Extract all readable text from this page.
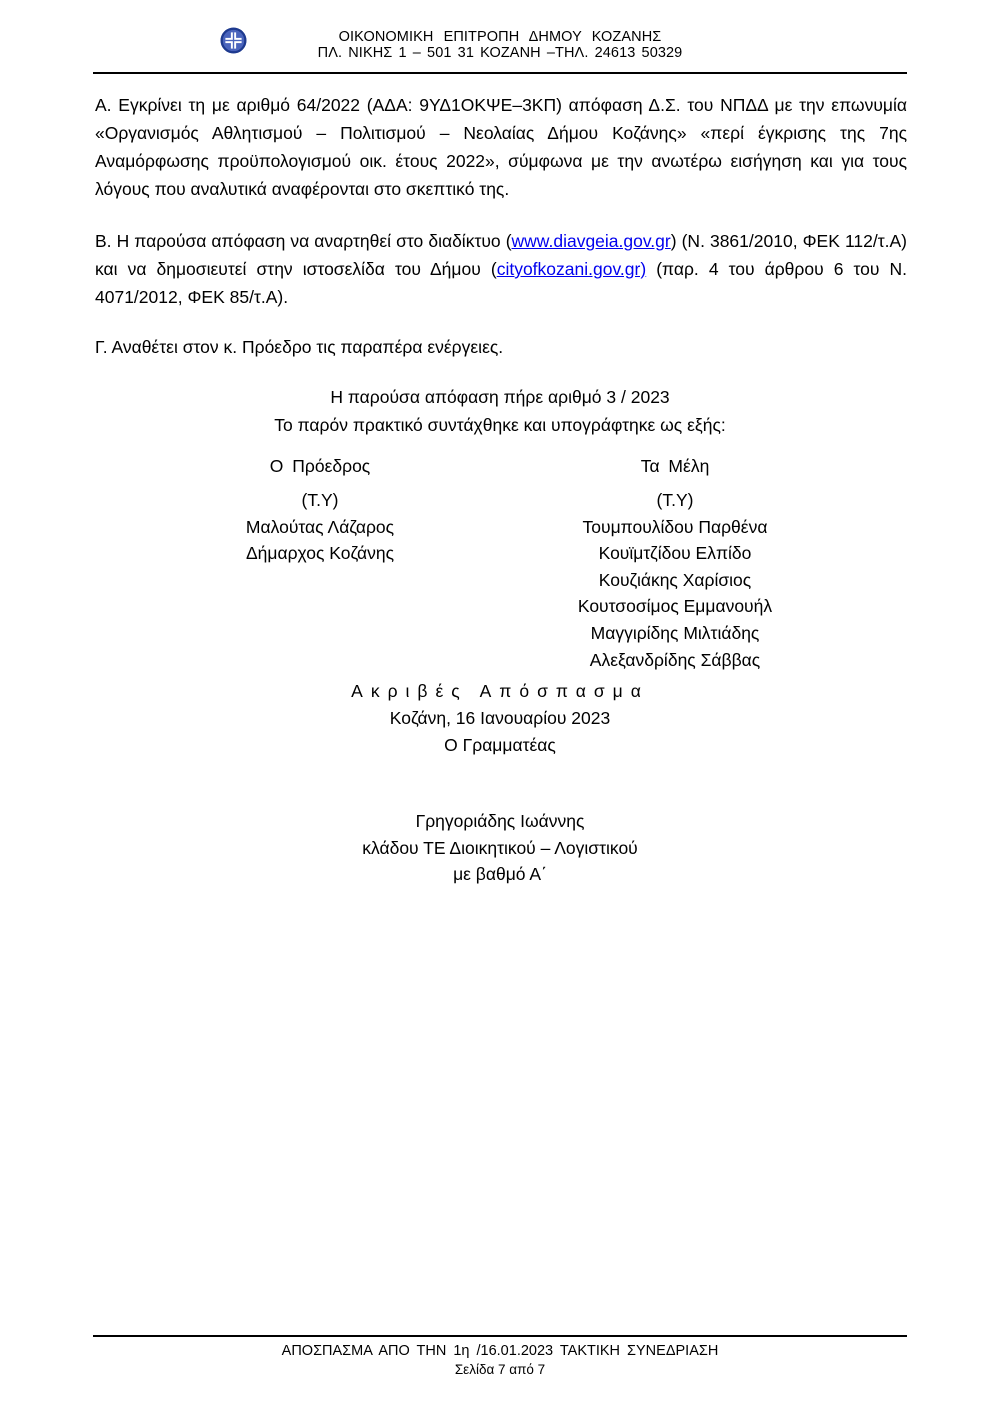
ΟΙΚΟΝΟΜΙΚΗ ΕΠΙΤΡΟΠΗ ΔΗΜΟΥ ΚΟΖΑΝΗΣ
ΠΛ. ΝΙΚΗΣ 1 – 501 31 ΚΟΖΑΝΗ –ΤΗΛ. 24613 50329

Α. Εγκρίνει τη με αριθμό 64/2022 (ΑΔΑ: 9ΥΔ1ΟΚΨΕ–3ΚΠ) απόφαση Δ.Σ. του ΝΠΔΔ με την επωνυμία «Οργανισμός Αθλητισμού – Πολιτισμού – Νεολαίας Δήμου Κοζάνης» «περί έγκρισης της 7ης Αναμόρφωσης προϋπολογισμού οικ. έτους 2022», σύμφωνα με την ανωτέρω εισήγηση και για τους λόγους που αναλυτικά αναφέρονται στο σκεπτικό της.

Β. Η παρούσα απόφαση να αναρτηθεί στο διαδίκτυο (www.diavgeia.gov.gr) (Ν. 3861/2010, ΦΕΚ 112/τ.Α) και να δημοσιευτεί στην ιστοσελίδα του Δήμου (cityofkozani.gov.gr) (παρ. 4 του άρθρου 6 του Ν. 4071/2012, ΦΕΚ 85/τ.Α).

Γ. Αναθέτει στον κ. Πρόεδρο τις παραπέρα ενέργειες.

Η παρούσα απόφαση πήρε αριθμό 3 / 2023
Το παρόν πρακτικό συντάχθηκε και υπογράφτηκε ως εξής:
Ο Πρόεδρος
(Τ.Υ)
Μαλούτας Λάζαρος
Δήμαρχος Κοζάνης
Τα Μέλη
(Τ.Υ)
Τουμπουλίδου Παρθένα
Κουϊμτζίδου Ελπίδο
Κουζιάκης Χαρίσιος
Κουτσοσίμος Εμμανουήλ
Μαγγιρίδης Μιλτιάδης
Αλεξανδρίδης Σάββας
Ακριβές Απόσπασμα
Κοζάνη, 16 Ιανουαρίου 2023
Ο Γραμματέας
Γρηγοριάδης Ιωάννης
κλάδου ΤΕ Διοικητικού – Λογιστικού
με βαθμό Α΄
ΑΠΟΣΠΑΣΜΑ ΑΠΟ ΤΗΝ 1η /16.01.2023 ΤΑΚΤΙΚΗ ΣΥΝΕΔΡΙΑΣΗ
Σελίδα 7 από 7
